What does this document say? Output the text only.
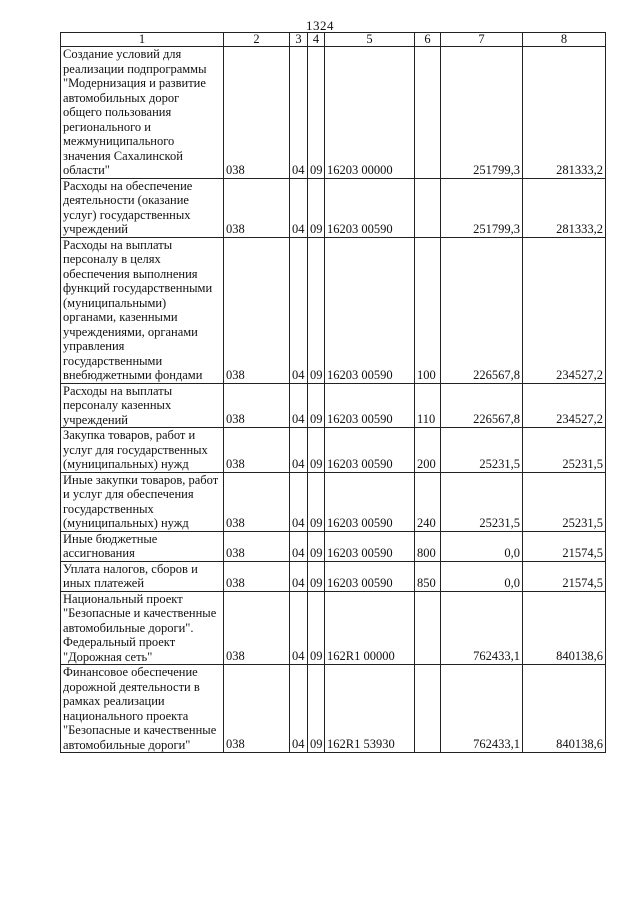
1324
1	2	3	4	5	6	7	8
Создание условий для реализации подпрограммы "Модернизация и развитие автомобильных дорог общего пользования регионального и межмуниципального значения Сахалинской области"	038	04	09	16203 00000		251799,3	281333,2
Расходы на обеспечение деятельности (оказание услуг) государственных учреждений	038	04	09	16203 00590		251799,3	281333,2
Расходы на выплаты персоналу в целях обеспечения выполнения функций государственными (муниципальными) органами, казенными учреждениями, органами управления государственными внебюджетными фондами	038	04	09	16203 00590	100	226567,8	234527,2
Расходы на выплаты персоналу казенных учреждений	038	04	09	16203 00590	110	226567,8	234527,2
Закупка товаров, работ и услуг для государственных (муниципальных) нужд	038	04	09	16203 00590	200	25231,5	25231,5
Иные закупки товаров, работ и услуг для обеспечения государственных (муниципальных) нужд	038	04	09	16203 00590	240	25231,5	25231,5
Иные бюджетные ассигнования	038	04	09	16203 00590	800	0,0	21574,5
Уплата налогов, сборов и иных платежей	038	04	09	16203 00590	850	0,0	21574,5
Национальный проект "Безопасные и качественные автомобильные дороги". Федеральный проект "Дорожная сеть"	038	04	09	162R1 00000		762433,1	840138,6
Финансовое обеспечение дорожной деятельности в рамках реализации национального проекта "Безопасные и качественные автомобильные дороги"	038	04	09	162R1 53930		762433,1	840138,6
